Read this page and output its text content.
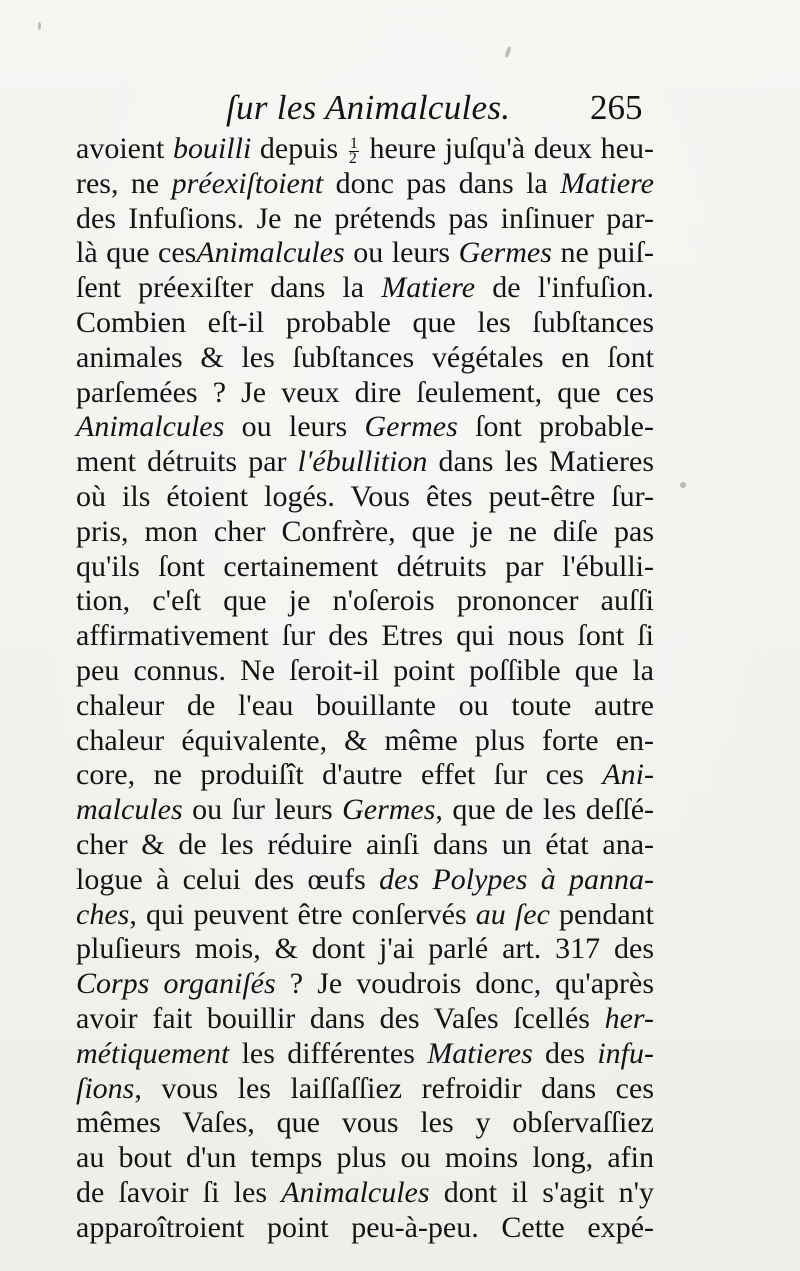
ſur les Animalcules. 265
avoient bouilli depuis $\frac{1}{2}$ heure juſqu'à deux heu-
res, ne préexiſtoient donc pas dans la Matiere
des Infuſions. Je ne prétends pas inſinuer par-
là que cesAnimalcules ou leurs Germes ne puiſ-
ſent préexiſter dans la Matiere de l'infuſion.
Combien eſt-il probable que les ſubſtances
animales & les ſubſtances végétales en ſont
parſemées ? Je veux dire ſeulement, que ces
Animalcules ou leurs Germes ſont probable-
ment détruits par l'ébullition dans les Matieres
où ils étoient logés. Vous êtes peut-être ſur-
pris, mon cher Confrère, que je ne diſe pas
qu'ils ſont certainement détruits par l'ébulli-
tion, c'eſt que je n'oſerois prononcer auſſi
affirmativement ſur des Etres qui nous ſont ſi
peu connus. Ne ſeroit-il point poſſible que la
chaleur de l'eau bouillante ou toute autre
chaleur équivalente, & même plus forte en-
core, ne produiſît d'autre effet ſur ces Ani-
malcules ou ſur leurs Germes, que de les deſſé-
cher & de les réduire ainſi dans un état ana-
logue à celui des œufs des Polypes à panna-
ches, qui peuvent être conſervés au ſec pendant
pluſieurs mois, & dont j'ai parlé art. 317 des
Corps organiſés ? Je voudrois donc, qu'après
avoir fait bouillir dans des Vaſes ſcellés her-
métiquement les différentes Matieres des infu-
ſions, vous les laiſſaſſiez refroidir dans ces
mêmes Vaſes, que vous les y obſervaſſiez
au bout d'un temps plus ou moins long, afin
de ſavoir ſi les Animalcules dont il s'agit n'y
apparoîtroient point peu-à-peu. Cette expé-
